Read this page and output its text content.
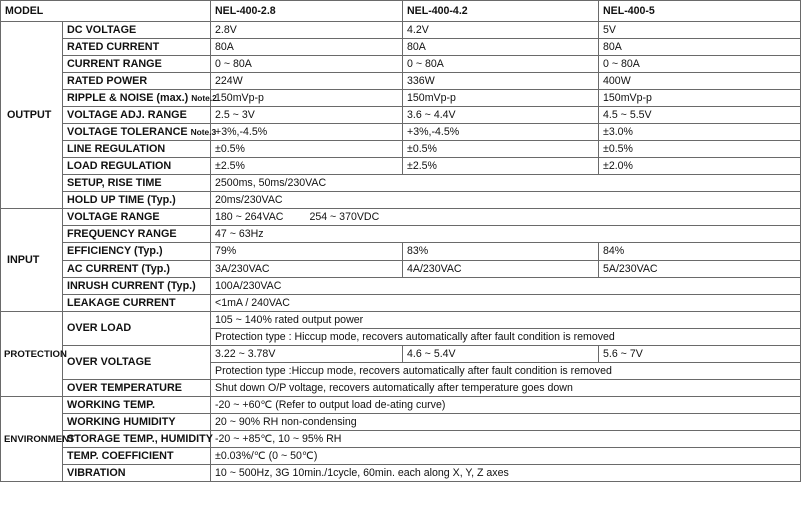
MODEL		NEL-400-2.8	NEL-400-4.2	NEL-400-5
OUTPUT	DC VOLTAGE	2.8V	4.2V	5V
	RATED CURRENT	80A	80A	80A
	CURRENT RANGE	0 ~ 80A	0 ~ 80A	0 ~ 80A
	RATED POWER	224W	336W	400W
	RIPPLE & NOISE (max.) Note.2	150mVp-p	150mVp-p	150mVp-p
	VOLTAGE ADJ. RANGE	2.5 ~ 3V	3.6 ~ 4.4V	4.5 ~ 5.5V
	VOLTAGE TOLERANCE Note.3	+3%,-4.5%	+3%,-4.5%	±3.0%
	LINE REGULATION	±0.5%	±0.5%	±0.5%
	LOAD REGULATION	±2.5%	±2.5%	±2.0%
	SETUP, RISE TIME	2500ms, 50ms/230VAC		
	HOLD UP TIME (Typ.)	20ms/230VAC		
INPUT	VOLTAGE RANGE	180 ~ 264VAC 254 ~ 370VDC		
	FREQUENCY RANGE	47 ~ 63Hz		
	EFFICIENCY (Typ.)	79%	83%	84%
	AC CURRENT (Typ.)	3A/230VAC	4A/230VAC	5A/230VAC
	INRUSH CURRENT (Typ.)	100A/230VAC		
	LEAKAGE CURRENT	<1mA / 240VAC		
PROTECTION	OVER LOAD	105 ~ 140% rated output power		
		Protection type : Hiccup mode, recovers automatically after fault condition is removed		
	OVER VOLTAGE	3.22 ~ 3.78V	4.6 ~ 5.4V	5.6 ~ 7V
		Protection type :Hiccup mode, recovers automatically after fault condition is removed		
	OVER TEMPERATURE	Shut down O/P voltage, recovers automatically after temperature goes down		
ENVIRONMENT	WORKING TEMP.	-20 ~ +60℃ (Refer to output load de-ating curve)		
	WORKING HUMIDITY	20 ~ 90% RH non-condensing		
	STORAGE TEMP., HUMIDITY	-20 ~ +85℃, 10 ~ 95% RH		
	TEMP. COEFFICIENT	±0.03%/℃ (0 ~ 50℃)		
	VIBRATION	10 ~ 500Hz, 3G 10min./1cycle, 60min. each along X, Y, Z axes		
